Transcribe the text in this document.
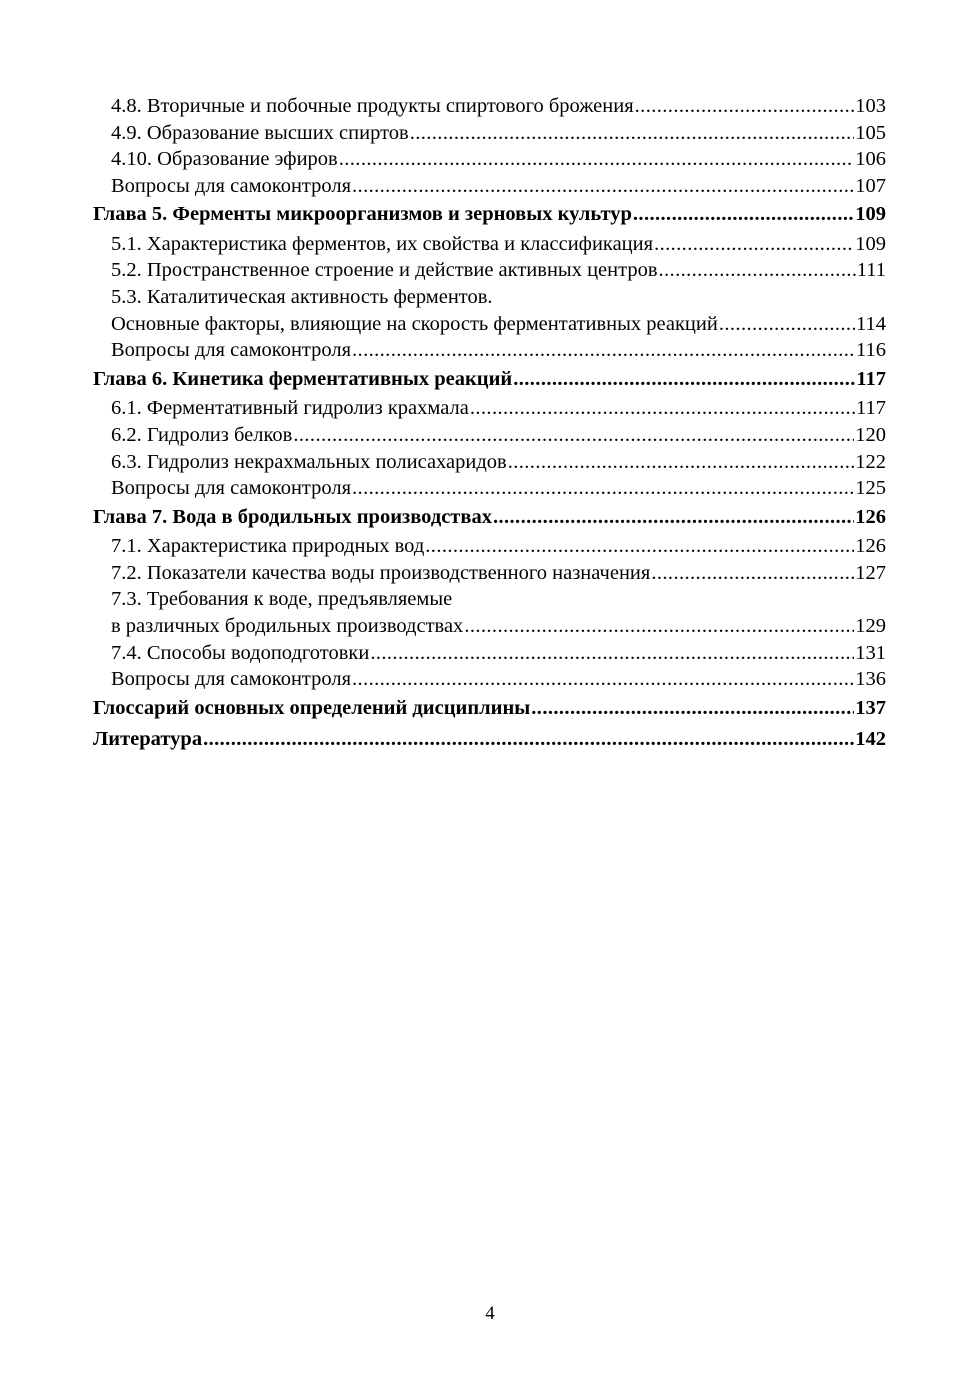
4.8. Вторичные и побочные продукты спиртового брожения .....	103
4.9. Образование высших спиртов .....	105
4.10. Образование эфиров .....	106
Вопросы для самоконтроля .....	107
Глава 5. Ферменты микроорганизмов и зерновых культур .....	109
5.1. Характеристика ферментов, их свойства и классификация .....	109
5.2. Пространственное строение и действие активных центров .....	111
5.3. Каталитическая активность ферментов.
Основные факторы, влияющие на скорость ферментативных реакций .....	114
Вопросы для самоконтроля .....	116
Глава 6. Кинетика ферментативных реакций .....	117
6.1. Ферментативный гидролиз крахмала .....	117
6.2. Гидролиз белков .....	120
6.3. Гидролиз некрахмальных полисахаридов .....	122
Вопросы для самоконтроля .....	125
Глава 7. Вода в бродильных производствах .....	126
7.1. Характеристика природных вод .....	126
7.2. Показатели качества воды производственного назначения .....	127
7.3. Требования к воде, предъявляемые
в различных бродильных производствах .....	129
7.4. Способы водоподготовки .....	131
Вопросы для самоконтроля .....	136
Глоссарий основных определений дисциплины .....	137
Литература .....	142
4
